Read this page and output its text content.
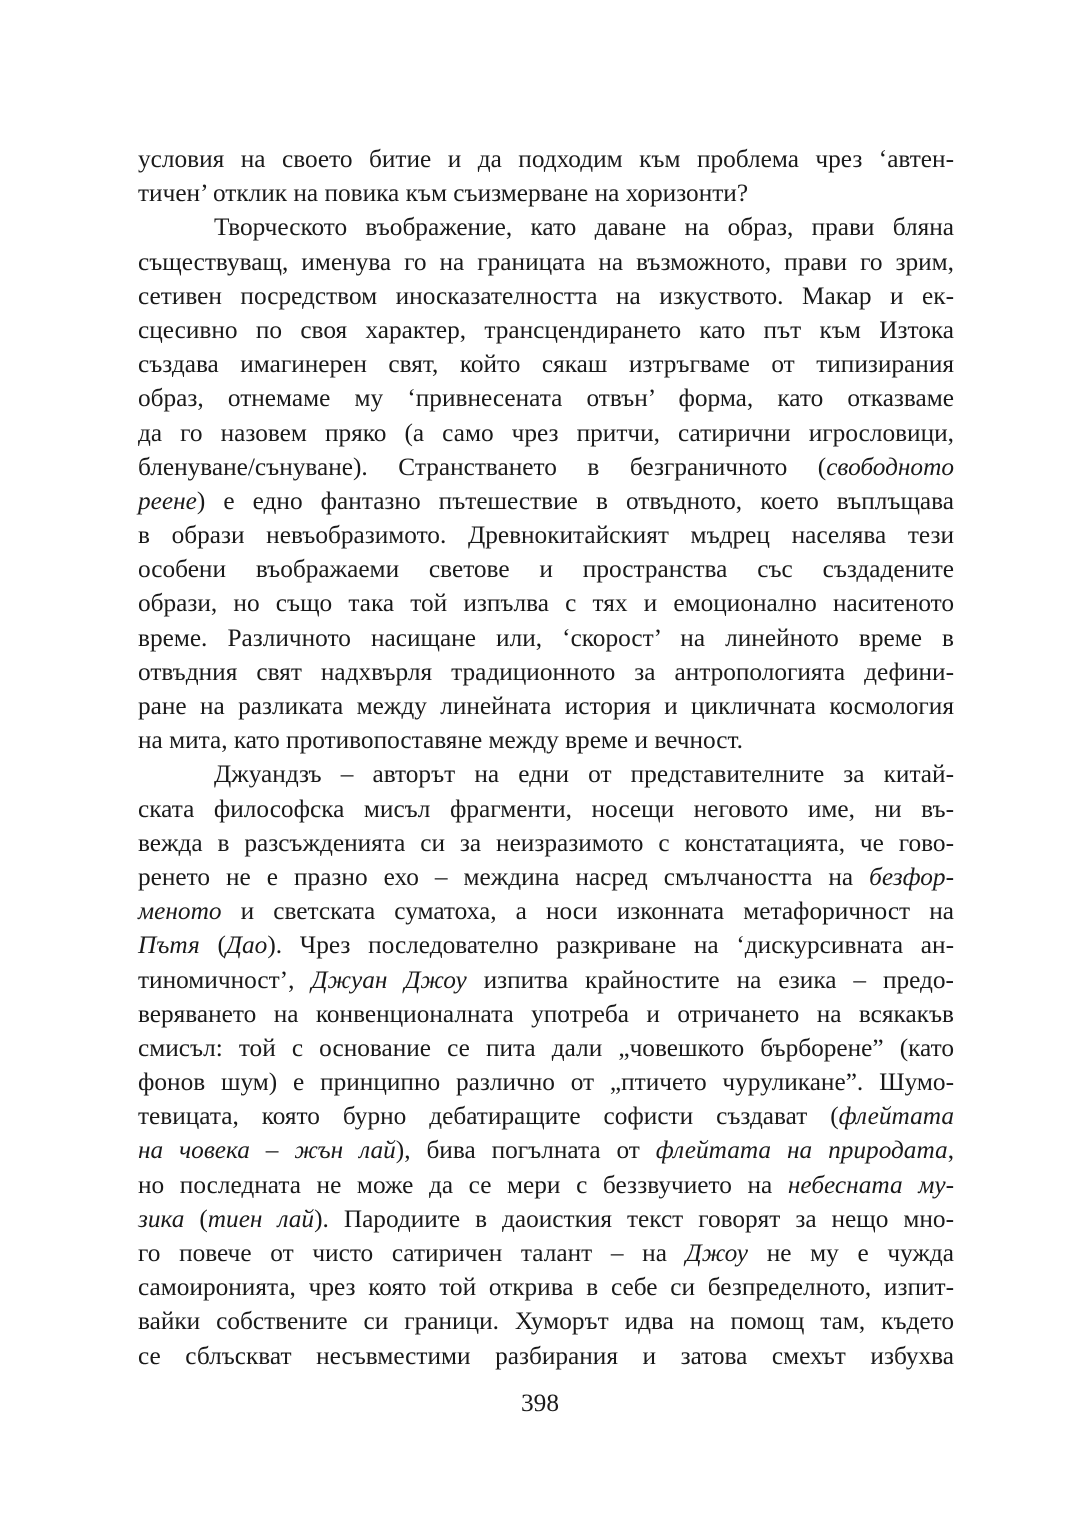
условия на своето битие и да подходим към проблема чрез ‘автен-
тичен’ отклик на повика към съизмерване на хоризонти?
Творческото въображение, като даване на образ, прави бляна
съществуващ, именува го на границата на възможното, прави го зрим,
сетивен посредством иносказателността на изкуството. Макар и ек-
сцесивно по своя характер, трансцендирането като път към Изтока
създава имагинерен свят, който сякаш изтръгваме от типизирания
образ, отнемаме му ‘привнесената отвън’ форма, като отказваме
да го назовем пряко (а само чрез притчи, сатирични игрословици,
бленуване/сънуване). Странстването в безграничното (свободното
реене) е едно фантазно пътешествие в отвъдното, което въплъщава
в образи невъобразимото. Древнокитайският мъдрец населява тези
особени въображаеми светове и пространства със създадените
образи, но също така той изпълва с тях и емоционално наситеното
време. Различното насищане или, ‘скорост’ на линейното време в
отвъдния свят надхвърля традиционното за антропологията дефини-
ране на разликата между линейната история и цикличната космология
на мита, като противопоставяне между време и вечност.
Джуандзъ – авторът на едни от представителните за китай-
ската философска мисъл фрагменти, носещи неговото име, ни въ-
вежда в разсъжденията си за неизразимото с констатацията, че гово-
ренето не е празно ехо – междина насред смълчаността на безфор-
меното и светската суматоха, а носи изконната метафоричност на
Пътя (Дао). Чрез последователно разкриване на ‘дискурсивната ан-
тиномичност’, Джуан Джоу изпитва крайностите на езика – предо-
веряването на конвенционалната употреба и отричането на всякакъв
смисъл: той с основание се пита дали „човешкото бърборене” (като
фонов шум) е принципно различно от „птичето чуруликане”. Шумо-
тевицата, която бурно дебатиращите софисти създават (флейтата
на човека – жън лай), бива погълната от флейтата на природата,
но последната не може да се мери с беззвучието на небесната му-
зика (тиен лай). Пародиите в даоисткия текст говорят за нещо мно-
го повече от чисто сатиричен талант – на Джоу не му е чужда
самоиронията, чрез която той открива в себе си безпределното, изпит-
вайки собствените си граници. Хуморът идва на помощ там, където
се сблъскват несъвместими разбирания и затова смехът избухва
398
